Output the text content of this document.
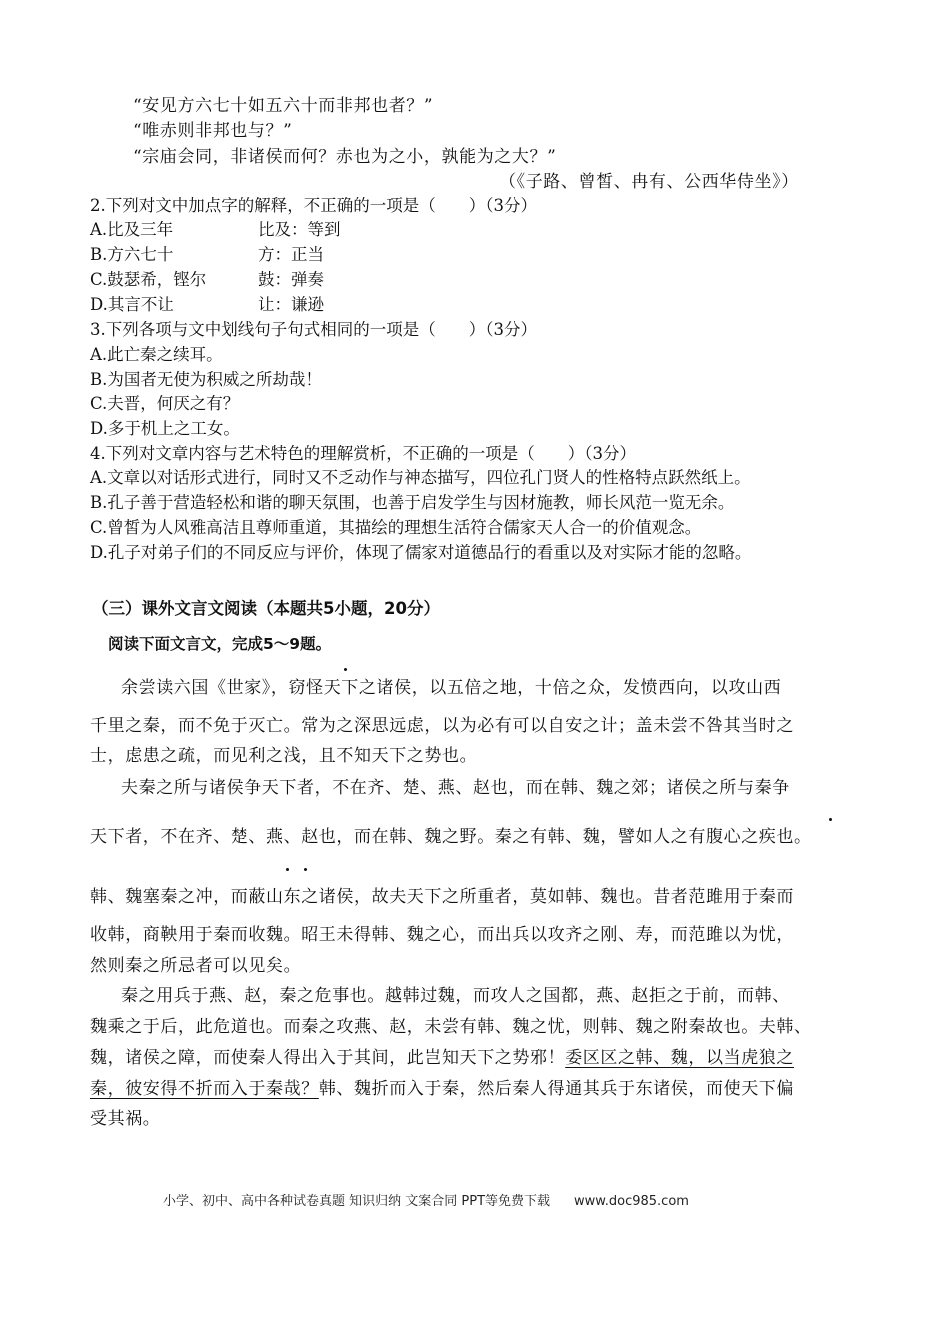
“安见方六七十如五六十而非邦也者？”
“唯赤则非邦也与？”
“宗庙会同，非诸侯而何？赤也为之小，孰能为之大？”
（《子路、曾皙、冉有、公西华侍坐》）
2.下列对文中加点字的解释，不正确的一项是（　　）（3分）
A.比及三年	比及：等到
B.方六七十	方：正当
C.鼓瑟希，铿尔	鼓：弹奏
D.其言不让	让：谦逊
3.下列各项与文中划线句子句式相同的一项是（　　）（3分）
A.此亡秦之续耳。
B.为国者无使为积威之所劫哉！
C.夫晋，何厌之有？
D.多于机上之工女。
4.下列对文章内容与艺术特色的理解赏析，不正确的一项是（　　）（3分）
A.文章以对话形式进行，同时又不乏动作与神态描写，四位孔门贤人的性格特点跃然纸上。
B.孔子善于营造轻松和谐的聊天氛围，也善于启发学生与因材施教，师长风范一览无余。
C.曾皙为人风雅高洁且尊师重道，其描绘的理想生活符合儒家天人合一的价值观念。
D.孔子对弟子们的不同反应与评价，体现了儒家对道德品行的看重以及对实际才能的忽略。
（三）课外文言文阅读（本题共5小题，20分）
阅读下面文言文，完成5～9题。
余尝读六国《世家》，窃怪天下之诸侯，以五倍之地，十倍之众，发愤西向，以攻山西
千里之秦，而不免于灭亡。常为之深思远虑，以为必有可以自安之计；盖未尝不咎其当时之
士，虑患之疏，而见利之浅，且不知天下之势也。
夫秦之所与诸侯争天下者，不在齐、楚、燕、赵也，而在韩、魏之郊；诸侯之所与秦争
天下者，不在齐、楚、燕、赵也，而在韩、魏之野。秦之有韩、魏，譬如人之有腹心之疾也。
韩、魏塞秦之冲，而蔽山东之诸侯，故夫天下之所重者，莫如韩、魏也。昔者范雎用于秦而
收韩，商鞅用于秦而收魏。昭王未得韩、魏之心，而出兵以攻齐之刚、寿，而范雎以为忧，
然则秦之所忌者可以见矣。
秦之用兵于燕、赵，秦之危事也。越韩过魏，而攻人之国都，燕、赵拒之于前，而韩、
魏乘之于后，此危道也。而秦之攻燕、赵，未尝有韩、魏之忧，则韩、魏之附秦故也。夫韩、
魏，诸侯之障，而使秦人得出入于其间，此岂知天下之势邪！委区区之韩、魏，以当虎狼之
秦，彼安得不折而入于秦哉？韩、魏折而入于秦，然后秦人得通其兵于东诸侯，而使天下偏
受其祸。
小学、初中、高中各种试卷真题 知识归纳 文案合同 PPT等免费下载 www.doc985.com
